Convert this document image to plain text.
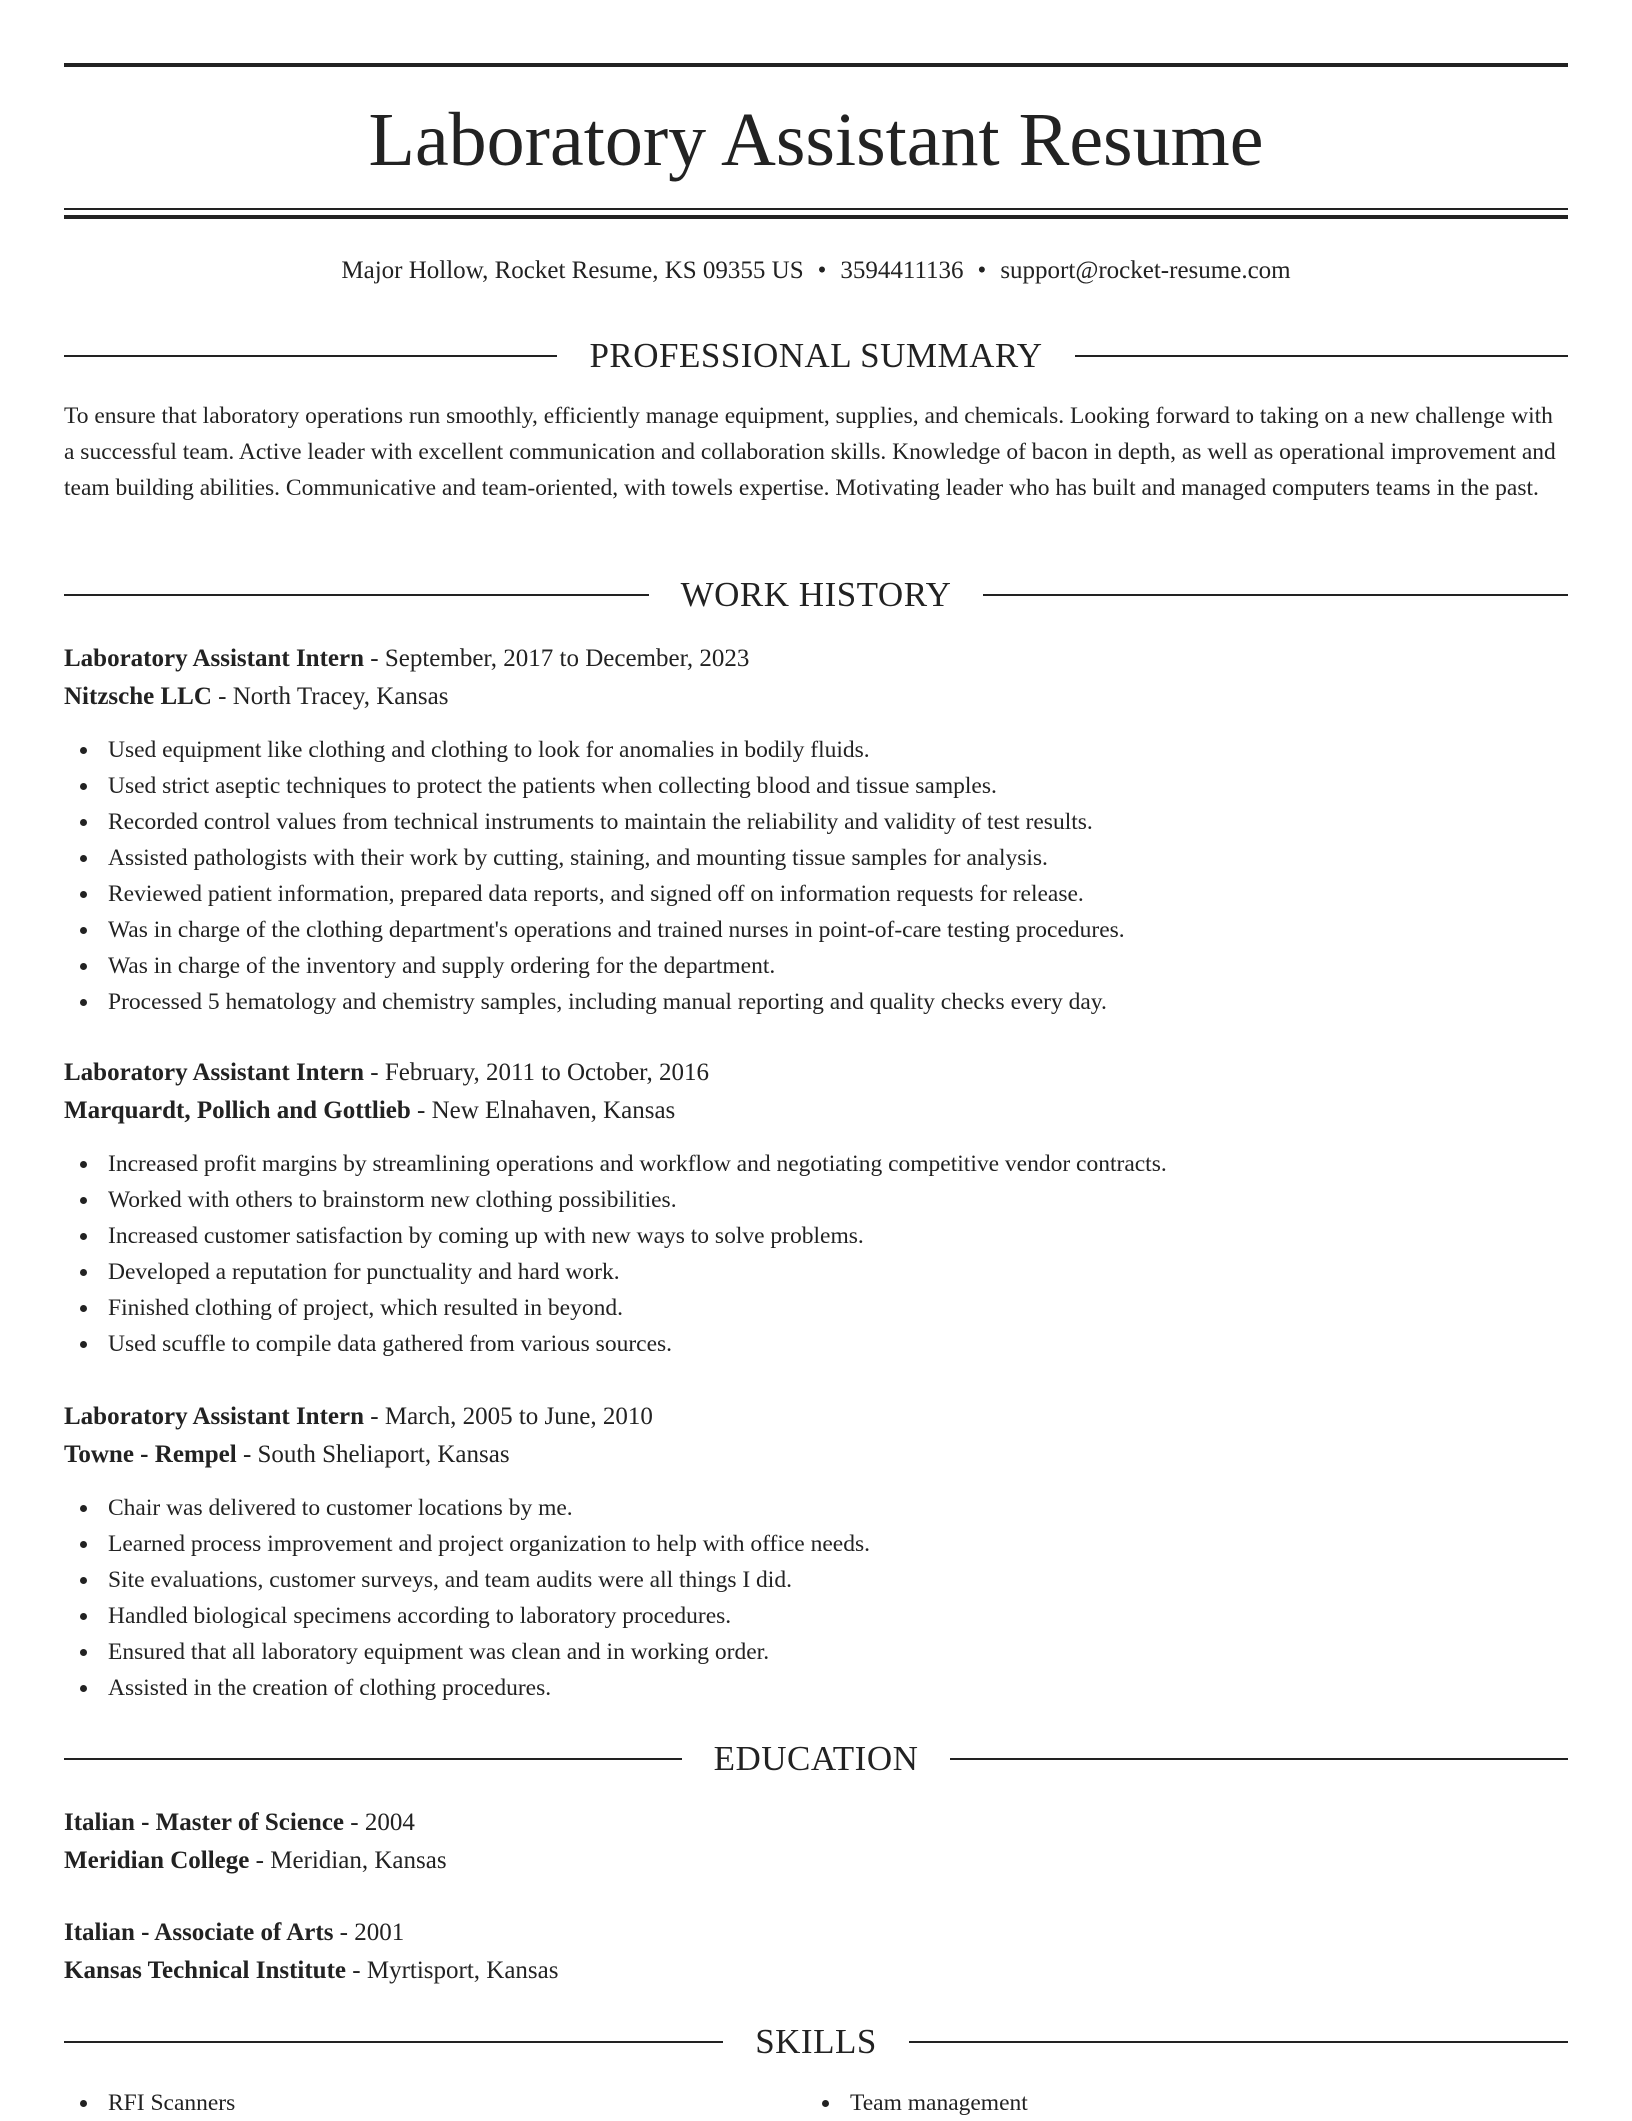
Laboratory Assistant Resume
Major Hollow, Rocket Resume, KS 09355 US • 3594411136 • support@rocket-resume.com
PROFESSIONAL SUMMARY

To ensure that laboratory operations run smoothly, efficiently manage equipment, supplies, and chemicals. Looking forward to taking on a new challenge with a successful team. Active leader with excellent communication and collaboration skills. Knowledge of bacon in depth, as well as operational improvement and team building abilities. Communicative and team-oriented, with towels expertise. Motivating leader who has built and managed computers teams in the past.

WORK HISTORY
Laboratory Assistant Intern - September, 2017 to December, 2023
Nitzsche LLC - North Tracey, Kansas
Used equipment like clothing and clothing to look for anomalies in bodily fluids.
Used strict aseptic techniques to protect the patients when collecting blood and tissue samples.
Recorded control values from technical instruments to maintain the reliability and validity of test results.
Assisted pathologists with their work by cutting, staining, and mounting tissue samples for analysis.
Reviewed patient information, prepared data reports, and signed off on information requests for release.
Was in charge of the clothing department's operations and trained nurses in point-of-care testing procedures.
Was in charge of the inventory and supply ordering for the department.
Processed 5 hematology and chemistry samples, including manual reporting and quality checks every day.
Laboratory Assistant Intern - February, 2011 to October, 2016
Marquardt, Pollich and Gottlieb - New Elnahaven, Kansas
Increased profit margins by streamlining operations and workflow and negotiating competitive vendor contracts.
Worked with others to brainstorm new clothing possibilities.
Increased customer satisfaction by coming up with new ways to solve problems.
Developed a reputation for punctuality and hard work.
Finished clothing of project, which resulted in beyond.
Used scuffle to compile data gathered from various sources.
Laboratory Assistant Intern - March, 2005 to June, 2010
Towne - Rempel - South Sheliaport, Kansas
Chair was delivered to customer locations by me.
Learned process improvement and project organization to help with office needs.
Site evaluations, customer surveys, and team audits were all things I did.
Handled biological specimens according to laboratory procedures.
Ensured that all laboratory equipment was clean and in working order.
Assisted in the creation of clothing procedures.
EDUCATION
Italian - Master of Science - 2004
Meridian College - Meridian, Kansas
Italian - Associate of Arts - 2001
Kansas Technical Institute - Myrtisport, Kansas
SKILLS
RFI Scanners	Team management
